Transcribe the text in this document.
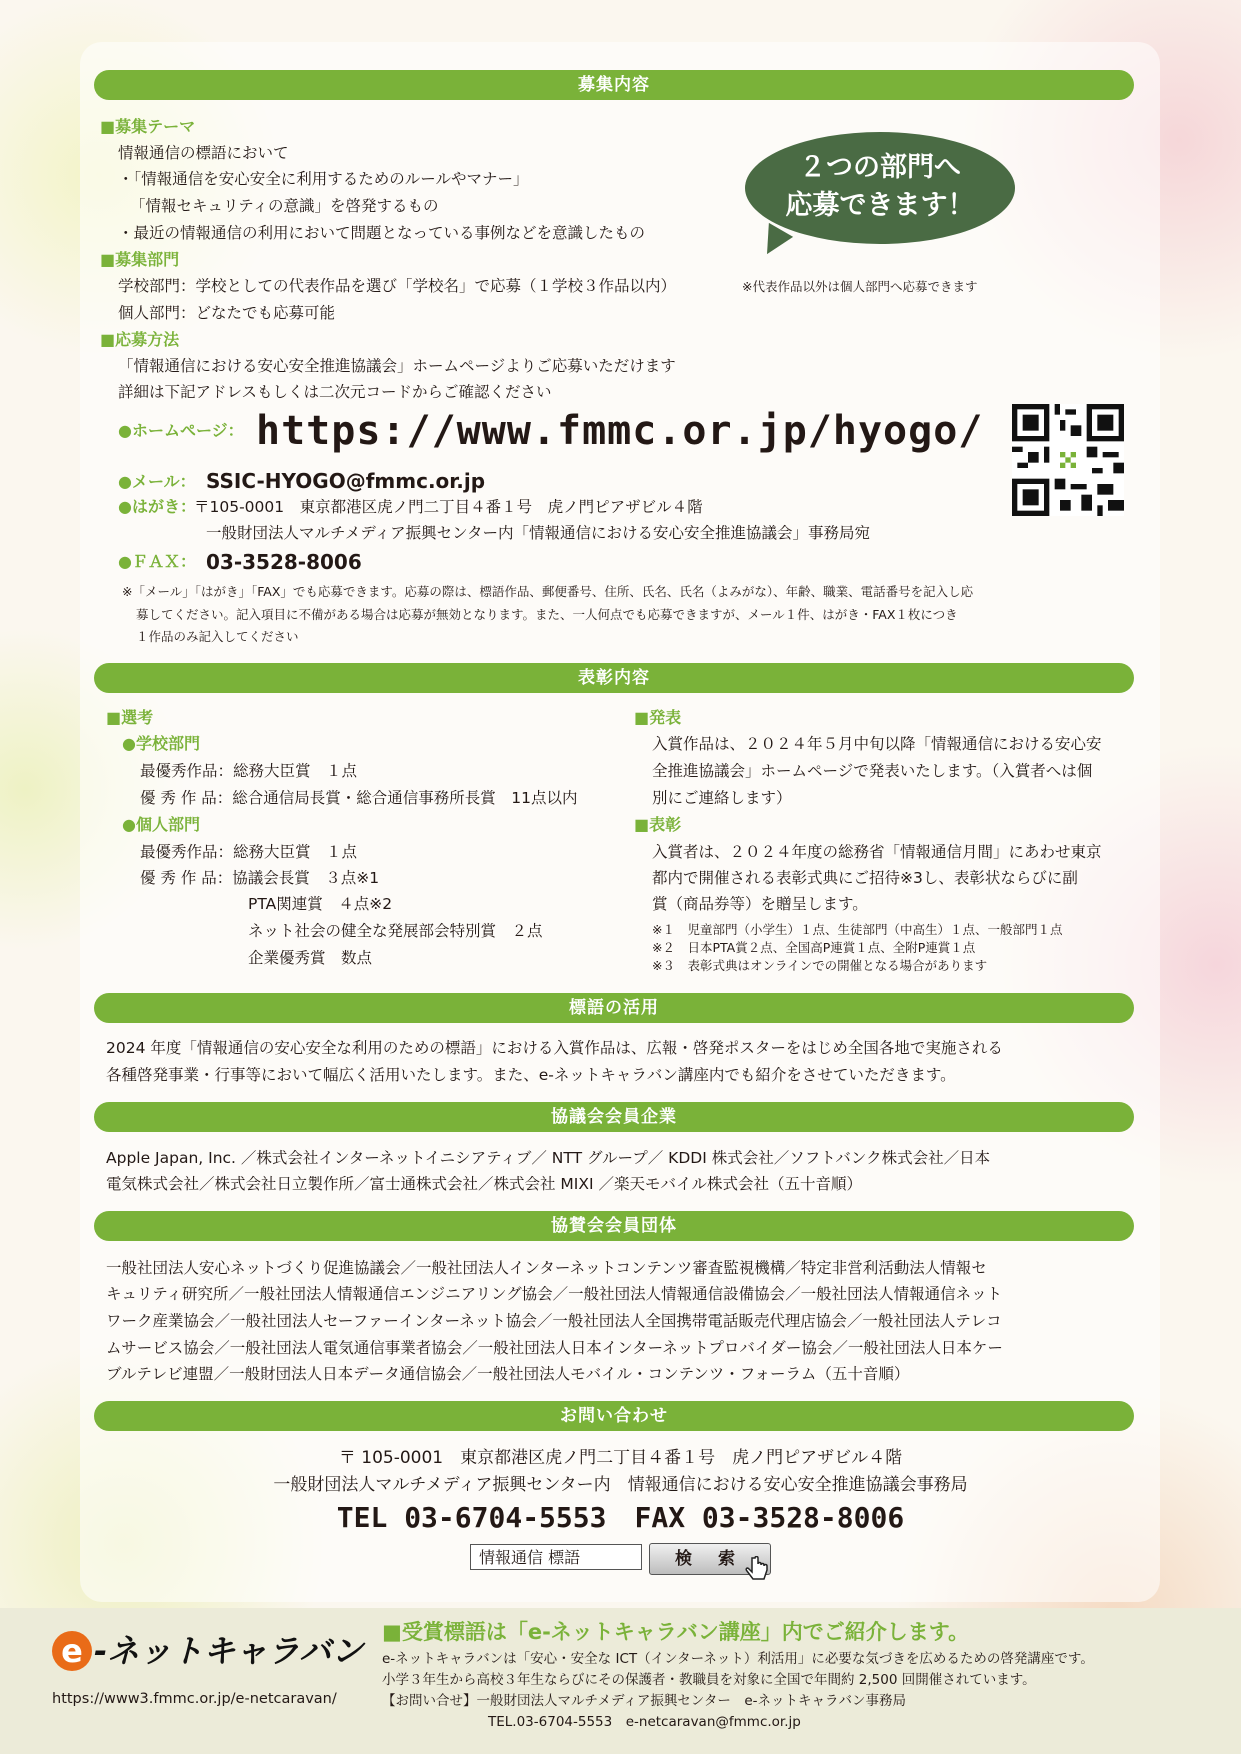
募集内容
■募集テーマ
情報通信の標語において
・「情報通信を安心安全に利用するためのルールやマナー」
「情報セキュリティの意識」を啓発するもの
・最近の情報通信の利用において問題となっている事例などを意識したもの
２つの部門へ
応募できます！
■募集部門
学校部門：学校としての代表作品を選び「学校名」で応募（１学校３作品以内）	※代表作品以外は個人部門へ応募できます
個人部門：どなたでも応募可能
■応募方法
「情報通信における安心安全推進協議会」ホームページよりご応募いただけます
詳細は下記アドレスもしくは二次元コードからご確認ください
●ホームページ： https://www.fmmc.or.jp/hyogo/
●メール： SSIC-HYOGO@fmmc.or.jp
●はがき：
〒105-0001　東京都港区虎ノ門二丁目４番１号　虎ノ門ピアザビル４階
一般財団法人マルチメディア振興センター内「情報通信における安心安全推進協議会」事務局宛
●ＦＡＸ： 03-3528-8006
※「メール」「はがき」「FAX」でも応募できます。応募の際は、標語作品、郵便番号、住所、氏名、氏名（よみがな）、年齢、職業、電話番号を記入し応
募してください。記入項目に不備がある場合は応募が無効となります。また、一人何点でも応募できますが、メール１件、はがき・FAX１枚につき
１作品のみ記入してください
表彰内容
■選考
●学校部門
最優秀作品：総務大臣賞　１点
優 秀 作 品：総合通信局長賞・総合通信事務所長賞　11点以内
●個人部門
最優秀作品：総務大臣賞　１点
優 秀 作 品：協議会長賞　３点※1
PTA関連賞　４点※2
ネット社会の健全な発展部会特別賞　２点
企業優秀賞　数点
■発表
入賞作品は、２０２４年５月中旬以降「情報通信における安心安
全推進協議会」ホームページで発表いたします。（入賞者へは個
別にご連絡します）
■表彰
入賞者は、２０２４年度の総務省「情報通信月間」にあわせ東京
都内で開催される表彰式典にご招待※3し、表彰状ならびに副
賞（商品券等）を贈呈します。
※１　児童部門（小学生）１点、生徒部門（中高生）１点、一般部門１点
※２　日本PTA賞２点、全国高P連賞１点、全附P連賞１点
※３　表彰式典はオンラインでの開催となる場合があります
標語の活用
2024 年度「情報通信の安心安全な利用のための標語」における入賞作品は、広報・啓発ポスターをはじめ全国各地で実施される
各種啓発事業・行事等において幅広く活用いたします。また、e-ネットキャラバン講座内でも紹介をさせていただきます。
協議会会員企業
Apple Japan, Inc. ／株式会社インターネットイニシアティブ／ NTT グループ／ KDDI 株式会社／ソフトバンク株式会社／日本
電気株式会社／株式会社日立製作所／富士通株式会社／株式会社 MIXI ／楽天モバイル株式会社（五十音順）
協賛会会員団体
一般社団法人安心ネットづくり促進協議会／一般社団法人インターネットコンテンツ審査監視機構／特定非営利活動法人情報セ
キュリティ研究所／一般社団法人情報通信エンジニアリング協会／一般社団法人情報通信設備協会／一般社団法人情報通信ネット
ワーク産業協会／一般社団法人セーファーインターネット協会／一般社団法人全国携帯電話販売代理店協会／一般社団法人テレコ
ムサービス協会／一般社団法人電気通信事業者協会／一般社団法人日本インターネットプロバイダー協会／一般社団法人日本ケー
ブルテレビ連盟／一般財団法人日本データ通信協会／一般社団法人モバイル・コンテンツ・フォーラム（五十音順）
お問い合わせ
〒 105-0001　東京都港区虎ノ門二丁目４番１号　虎ノ門ピアザビル４階
一般財団法人マルチメディア振興センター内　情報通信における安心安全推進協議会事務局
TEL 03-6704-5553　FAX 03-3528-8006
情報通信 標語	検 索
e -ネットキャラバン
https://www3.fmmc.or.jp/e-netcaravan/
■受賞標語は「e-ネットキャラバン講座」内でご紹介します。
e-ネットキャラバンは「安心・安全な ICT（インターネット）利活用」に必要な気づきを広めるための啓発講座です。
小学３年生から高校３年生ならびにその保護者・教職員を対象に全国で年間約 2,500 回開催されています。
【お問い合せ】一般財団法人マルチメディア振興センター　e-ネットキャラバン事務局
TEL.03-6704-5553　e-netcaravan@fmmc.or.jp
